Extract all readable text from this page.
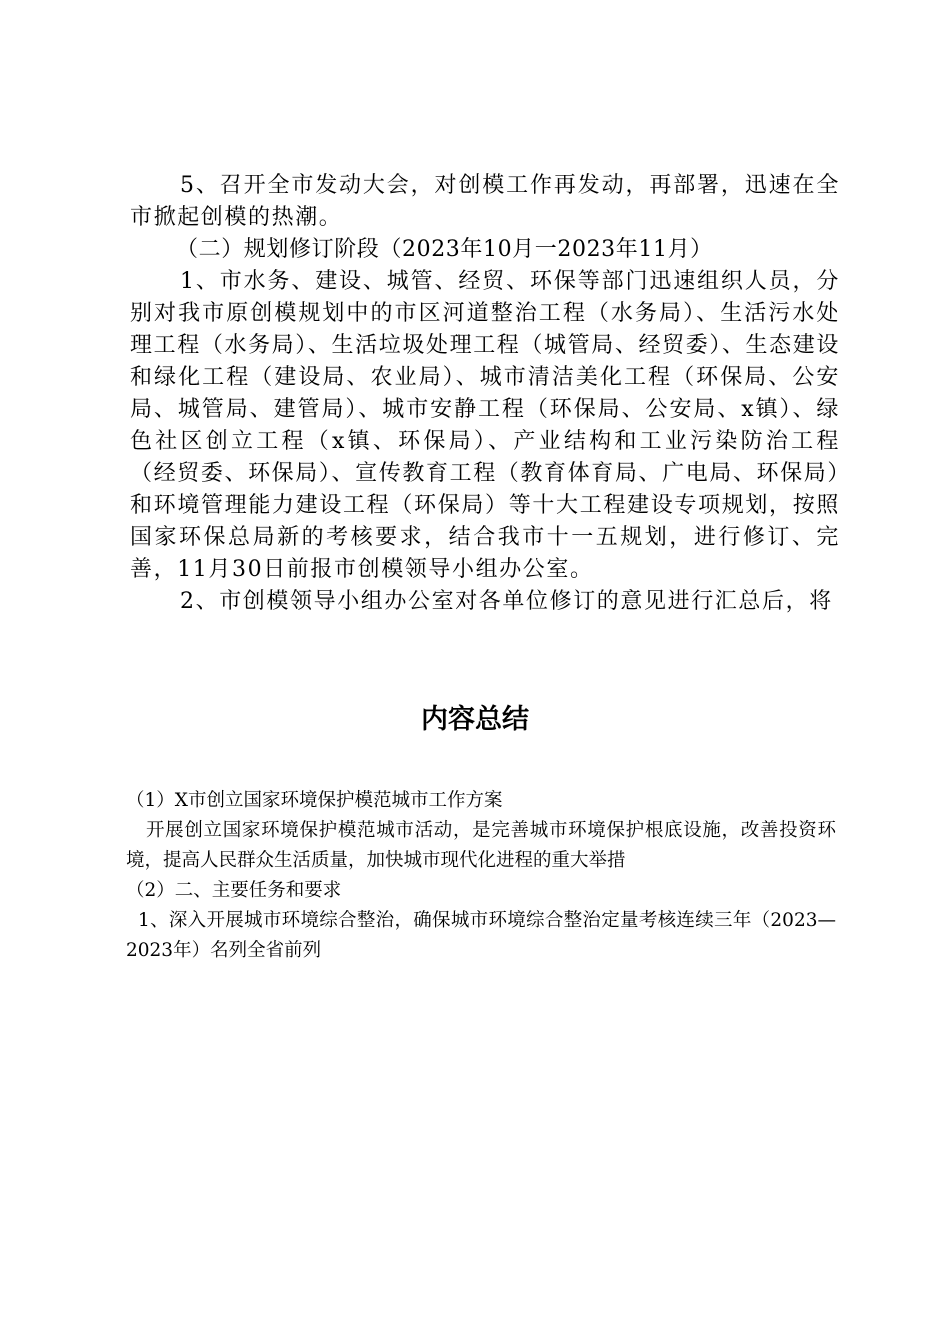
5、召开全市发动大会，对创模工作再发动，再部署，迅速在全市掀起创模的热潮。

（二）规划修订阶段（2023年10月一2023年11月）

1、市水务、建设、城管、经贸、环保等部门迅速组织人员，分别对我市原创模规划中的市区河道整治工程（水务局）、生活污水处理工程（水务局）、生活垃圾处理工程（城管局、经贸委）、生态建设和绿化工程（建设局、农业局）、城市清洁美化工程（环保局、公安局、城管局、建管局）、城市安静工程（环保局、公安局、x镇）、绿色社区创立工程（x镇、环保局）、产业结构和工业污染防治工程（经贸委、环保局）、宣传教育工程（教育体育局、广电局、环保局）和环境管理能力建设工程（环保局）等十大工程建设专项规划，按照国家环保总局新的考核要求，结合我市十一五规划，进行修订、完善，11月30日前报市创模领导小组办公室。

2、市创模领导小组办公室对各单位修订的意见进行汇总后，将

内容总结

（1）X市创立国家环境保护模范城市工作方案

开展创立国家环境保护模范城市活动，是完善城市环境保护根底设施，改善投资环境，提高人民群众生活质量，加快城市现代化进程的重大举措

（2）二、主要任务和要求

1、深入开展城市环境综合整治，确保城市环境综合整治定量考核连续三年（2023—2023年）名列全省前列
